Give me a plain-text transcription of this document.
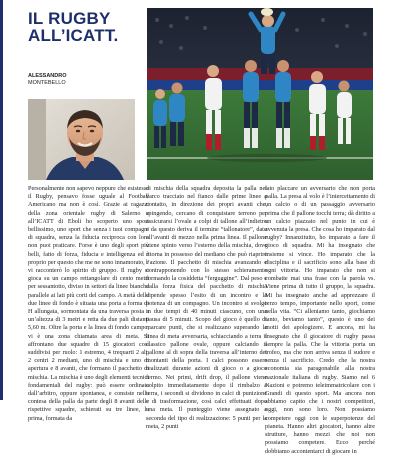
IL RUGBY
ALL’ICATT.
ALESSANDRO
MONTEBELLO

Personalmente non sapevo neppure che esistesse il Rugby, pensavo fosse uguale al Football Americano ma non è così. Grazie ai ragazzi della zona orientale rugby di Salerno e all’ICATT di Eboli ho scoperto uno sport bellissimo, uno sport che senza i tuoi compagni di squadra, senza la fiducia reciproca con loro non puoi praticare. Forse è uno degli sport più belli, fatto di forza, fiducia e intelligenza ed è proprio per questo che me ne sono innamorato, e vi racconterò lo spirito di gruppo. Il rugby si gioca su un campo rettangolare di cento metri per sessantotto, diviso in settori da linee bianche parallele ai lati più corti del campo. A metà delle due linee di fondo è situata una porta a forma di H allungata, sormontata da una traversa posta a un’altezza di 3 metri e retta da due pali distanti 5,60 m. Oltre la porta e la linea di fondo campo, vi è una zona chiamata area di meta. Si affrontano due squadre di 15 giocatori così suddivisi per ruolo: 1 estremo, 4 trequarti 2 ali, 2 centri 2 mediani, uno di mischia e uno di apertura e 8 avanti, che formano il pacchetto di mischia. La mischia è uno degli elementi tecnici fondamentali del rugby: può essere ordinata dall’arbitro, oppure spontanea, e consiste nella contesa della palla da parte degli 8 avanti delle rispettive squadre, schierati su tre linee, la prima, formata da

di mischia della squadra deposita la palla nel varco tracciato nel fianco dalle prime linee a contatto, in direzione dei propri avanti che, spingendo, cercano di conquistare terreno per assicurarsi l’ovale a colpi di tallone all’indietro e da questo deriva il termine “tallonatore”, dato all’avanti di mezzo nella prima linea. Il pallone viene spinto verso l’esterno della mischia, dove ritorna in possesso del mediano che può riaprire l’azione. Il pacchetto di mischia avanzando e contrapponendo con lo stesso schieramento formando la cosiddetta “ferguggine”. Dal peso e dalla forza fisica del pacchetto di mischia dipende spesso l’esito di un incontro e la potenza di un compagno. Un incontro si svolge in due tempi di 40 minuti ciascuno, con una pausa di 5 minuti. Scopo del gioco è quello di marcare punti, che si realizzano superando la linea di meta avversaria, schiacciando a terra il classico pallone ovale, oppure calciando il pallone al di sopra della traversa all’interno dei montanti della porta. I calci possono essere realizzati durante azioni di gioco o a gioco fermo. Nei primi, drift drop, il pallone viene colpito immediatamente dopo il rimbalzo a terra, i secondi si dividono in calci di punizione e di trasformazione, così calci effettuati dopo una meta. Il punteggio viene assegnato a seconda del tipo di realizzazione: 5 punti per la meta, 2 punti

tato placcare un avversario che non porta palla. La presa al volo è l’intercettamento di un calcio o di un passaggio avversario prima che il pallone tocchi terra; dà diritto a un calcio piazzato nel punto in cui è avvenuta la presa. Che cosa ho imparato dal rugby? Innanzitutto, ho imparato a fare il gioco di squadra. Mi ha insegnato che insieme si vince. Ho imparato che la disciplina e il sacrificio sono alla base di ogni vittoria. Ho imparato che non si combatte mai una frase con la parola vs. Viene prima di tutto il gruppo, la squadra. Mi ha insegnato anche ad apprezzare il terzo tempo, importante nello sport, come nella vita. “Ci alleniamo tanto, giochiamo tanto, beviamo tanto”, questo è uno dei motti dei apologizere. E ancora, mi ha insegnato che il giocatore di rugby passa sempre la palla. Che la vittoria porta un trofeo, ma che non arriva senza il sudore e senza il sacrificio. Credo che la nostra economia sia paragonabile alla nostra nazionale italiana di rugby. Siamo nel 6 Nazioni e potremo teleimmatricolare con i Grandi di questo sport. Ma ancora non abbiamo capito che i nostri competitori, oggi, non sono loro. Non possiamo competere oggi con le superpotenze del pianeta. Hanno altri giocatori, hanno altre strutture, hanno mezzi che noi non possiamo competere. Ecco perché dobbiamo accontentarci di giocare in
